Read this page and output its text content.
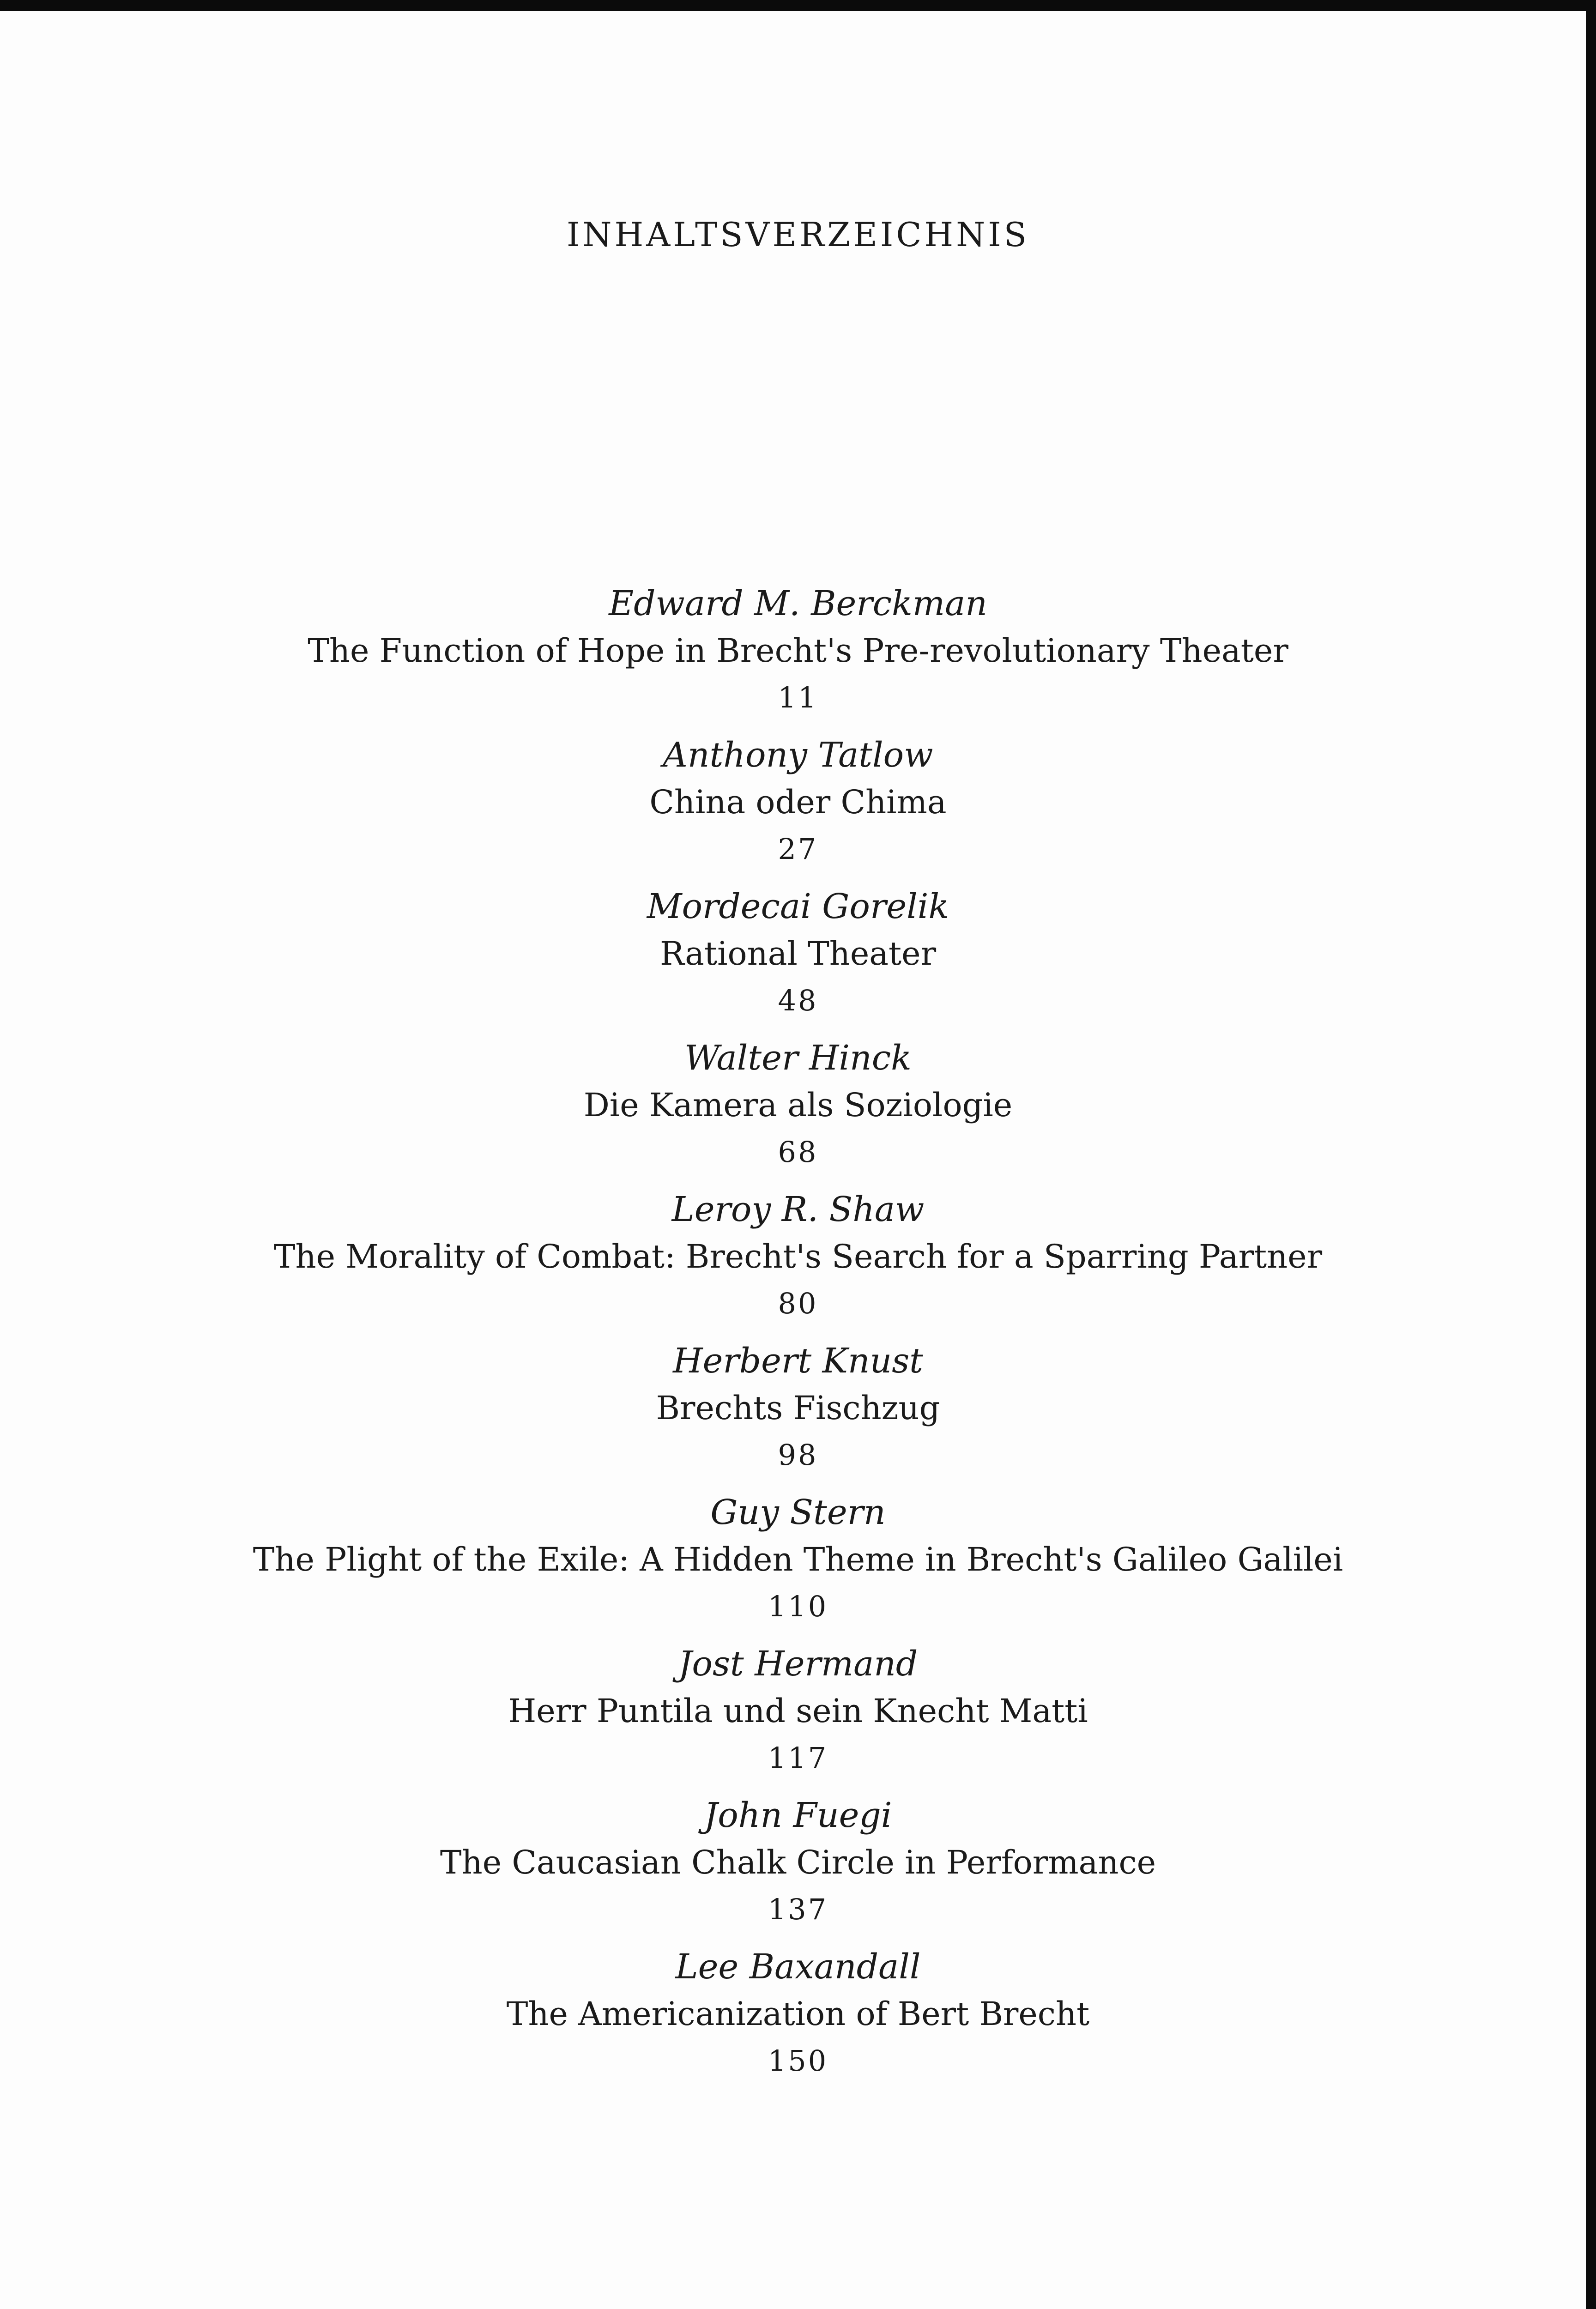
INHALTSVERZEICHNIS
Edward M. Berckman
The Function of Hope in Brecht's Pre-revolutionary Theater
11
Anthony Tatlow
China oder Chima
27
Mordecai Gorelik
Rational Theater
48
Walter Hinck
Die Kamera als Soziologie
68
Leroy R. Shaw
The Morality of Combat: Brecht's Search for a Sparring Partner
80
Herbert Knust
Brechts Fischzug
98
Guy Stern
The Plight of the Exile: A Hidden Theme in Brecht's Galileo Galilei
110
Jost Hermand
Herr Puntila und sein Knecht Matti
117
John Fuegi
The Caucasian Chalk Circle in Performance
137
Lee Baxandall
The Americanization of Bert Brecht
150
